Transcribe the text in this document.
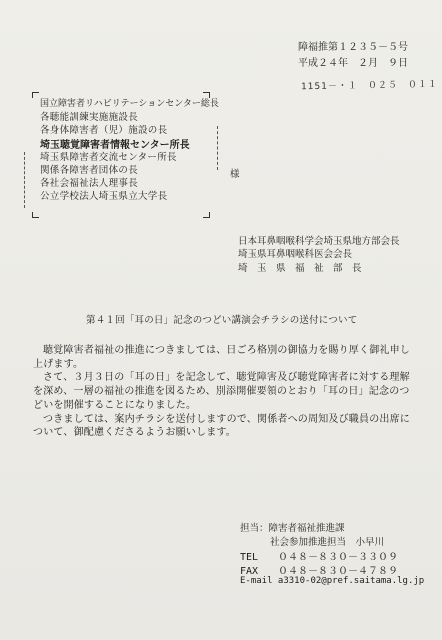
障福推第１２３５－５号
平成２４年　２月　９日
1151－・１　０２５　０１１
国立障害者リハビリテーションセンター総長
各聴能訓練実施施設長
各身体障害者（児）施設の長
埼玉聴覚障害者情報センター所長
埼玉県障害者交流センター所長
関係各障害者団体の長
各社会福祉法人理事長
公立学校法人埼玉県立大学長
様
日本耳鼻咽喉科学会埼玉県地方部会長
埼玉県耳鼻咽喉科医会会長
埼　玉　県　福　祉　部　長
第４１回「耳の日」記念のつどい講演会チラシの送付について

聴覚障害者福祉の推進につきましては、日ごろ格別の御協力を賜り厚く御礼申し上げます。

さて、３月３日の「耳の日」を記念して、聴覚障害及び聴覚障害者に対する理解を深め、一層の福祉の推進を図るため、別添開催要領のとおり「耳の日」記念のつどいを開催することになりました。

つきましては、案内チラシを送付しますので、関係者への周知及び職員の出席について、御配慮くださるようお願いします。

担当：障害者福祉推進課
社会参加推進担当　小早川
TEL ０４８－８３０－３３０９
FAX ０４８－８３０－４７８９
E-mail a3310-02@pref.saitama.lg.jp
